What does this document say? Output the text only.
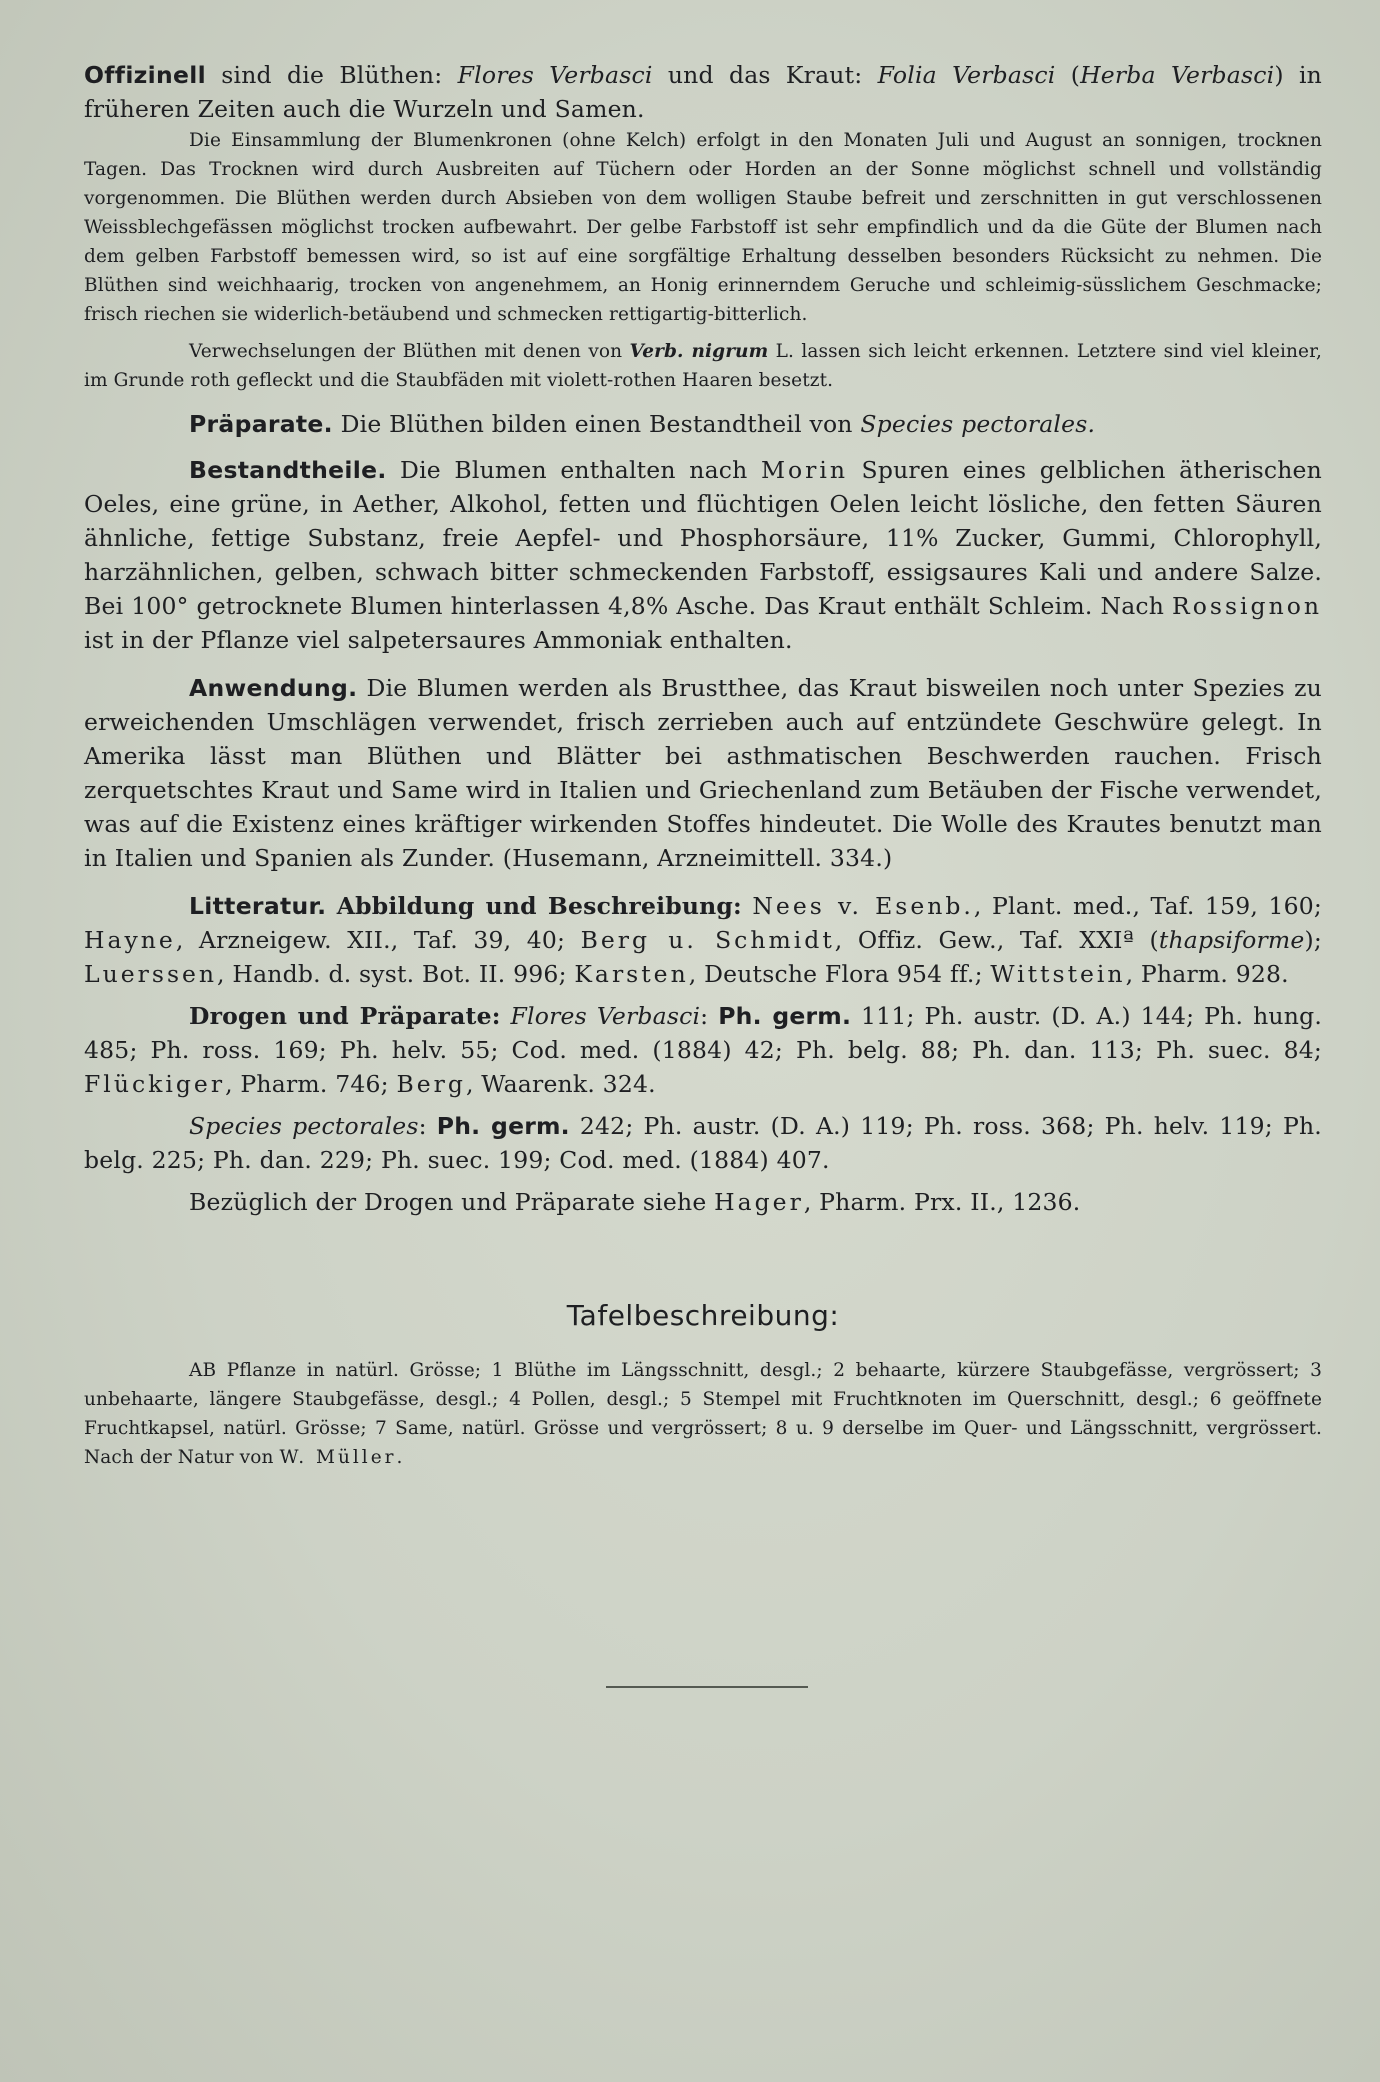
Offizinell sind die Blüthen: Flores Verbasci und das Kraut: Folia Verbasci (Herba Verbasci) in früheren Zeiten auch die Wurzeln und Samen.

Die Einsammlung der Blumenkronen (ohne Kelch) erfolgt in den Monaten Juli und August an sonnigen, trocknen Tagen. Das Trocknen wird durch Ausbreiten auf Tüchern oder Horden an der Sonne möglichst schnell und vollständig vorgenommen. Die Blüthen werden durch Absieben von dem wolligen Staube befreit und zerschnitten in gut verschlossenen Weissblechgefässen möglichst trocken aufbewahrt. Der gelbe Farbstoff ist sehr empfindlich und da die Güte der Blumen nach dem gelben Farbstoff bemessen wird, so ist auf eine sorgfältige Erhaltung desselben besonders Rücksicht zu nehmen. Die Blüthen sind weichhaarig, trocken von angenehmem, an Honig erinnerndem Geruche und schleimig-süsslichem Geschmacke; frisch riechen sie widerlich-betäubend und schmecken rettigartig-bitterlich.

Verwechselungen der Blüthen mit denen von Verb. nigrum L. lassen sich leicht erkennen. Letztere sind viel kleiner, im Grunde roth gefleckt und die Staubfäden mit violett-rothen Haaren besetzt.

Präparate. Die Blüthen bilden einen Bestandtheil von Species pectorales.

Bestandtheile. Die Blumen enthalten nach Morin Spuren eines gelblichen ätherischen Oeles, eine grüne, in Aether, Alkohol, fetten und flüchtigen Oelen leicht lösliche, den fetten Säuren ähnliche, fettige Substanz, freie Aepfel- und Phosphorsäure, 11% Zucker, Gummi, Chlorophyll, harzähnlichen, gelben, schwach bitter schmeckenden Farbstoff, essigsaures Kali und andere Salze. Bei 100° getrocknete Blumen hinterlassen 4,8% Asche. Das Kraut enthält Schleim. Nach Rossignon ist in der Pflanze viel salpetersaures Ammoniak enthalten.

Anwendung. Die Blumen werden als Brustthee, das Kraut bisweilen noch unter Spezies zu erweichenden Umschlägen verwendet, frisch zerrieben auch auf entzündete Geschwüre gelegt. In Amerika lässt man Blüthen und Blätter bei asthmatischen Beschwerden rauchen. Frisch zerquetschtes Kraut und Same wird in Italien und Griechenland zum Betäuben der Fische verwendet, was auf die Existenz eines kräftiger wirkenden Stoffes hindeutet. Die Wolle des Krautes benutzt man in Italien und Spanien als Zunder. (Husemann, Arzneimittell. 334.)

Litteratur. Abbildung und Beschreibung: Nees v. Esenb., Plant. med., Taf. 159, 160; Hayne, Arzneigew. XII., Taf. 39, 40; Berg u. Schmidt, Offiz. Gew., Taf. XXIª (thapsiforme); Luerssen, Handb. d. syst. Bot. II. 996; Karsten, Deutsche Flora 954 ff.; Wittstein, Pharm. 928.

Drogen und Präparate: Flores Verbasci: Ph. germ. 111; Ph. austr. (D. A.) 144; Ph. hung. 485; Ph. ross. 169; Ph. helv. 55; Cod. med. (1884) 42; Ph. belg. 88; Ph. dan. 113; Ph. suec. 84; Flückiger, Pharm. 746; Berg, Waarenk. 324.

Species pectorales: Ph. germ. 242; Ph. austr. (D. A.) 119; Ph. ross. 368; Ph. helv. 119; Ph. belg. 225; Ph. dan. 229; Ph. suec. 199; Cod. med. (1884) 407.

Bezüglich der Drogen und Präparate siehe Hager, Pharm. Prx. II., 1236.

Tafelbeschreibung:

AB Pflanze in natürl. Grösse; 1 Blüthe im Längsschnitt, desgl.; 2 behaarte, kürzere Staubgefässe, vergrössert; 3 unbehaarte, längere Staubgefässe, desgl.; 4 Pollen, desgl.; 5 Stempel mit Fruchtknoten im Querschnitt, desgl.; 6 geöffnete Fruchtkapsel, natürl. Grösse; 7 Same, natürl. Grösse und vergrössert; 8 u. 9 derselbe im Quer- und Längsschnitt, vergrössert. Nach der Natur von W. Müller.
